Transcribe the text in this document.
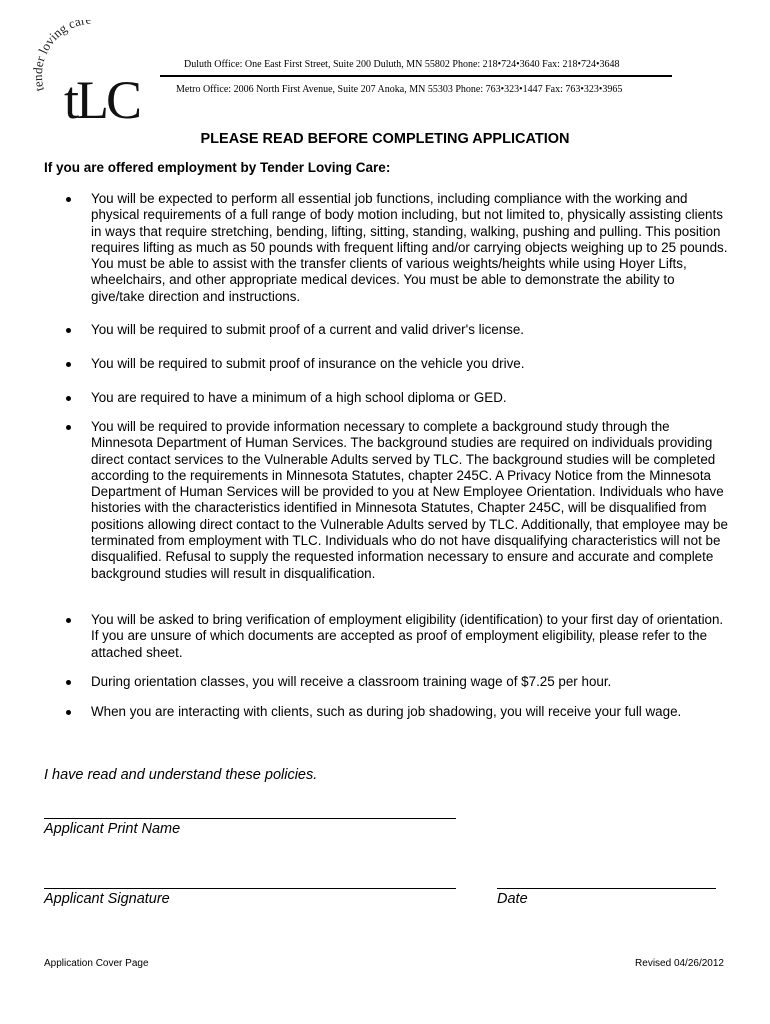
tender loving car
tLC
Duluth Office: One East First Street, Suite 200 Duluth, MN 55802 Phone: 218•724•3640 Fax: 218•724•3648
Metro Office: 2006 North First Avenue, Suite 207 Anoka, MN 55303 Phone: 763•323•1447 Fax: 763•323•3965
PLEASE READ BEFORE COMPLETING APPLICATION
If you are offered employment by Tender Loving Care:
You will be expected to perform all essential job functions, including compliance with the working and physical requirements of a full range of body motion including, but not limited to, physically assisting clients in ways that require stretching, bending, lifting, sitting, standing, walking, pushing and pulling. This position requires lifting as much as 50 pounds with frequent lifting and/or carrying objects weighing up to 25 pounds. You must be able to assist with the transfer clients of various weights/heights while using Hoyer Lifts, wheelchairs, and other appropriate medical devices. You must be able to demonstrate the ability to give/take direction and instructions.
You will be required to submit proof of a current and valid driver's license.
You will be required to submit proof of insurance on the vehicle you drive.
You are required to have a minimum of a high school diploma or GED.
You will be required to provide information necessary to complete a background study through the Minnesota Department of Human Services. The background studies are required on individuals providing direct contact services to the Vulnerable Adults served by TLC. The background studies will be completed according to the requirements in Minnesota Statutes, chapter 245C. A Privacy Notice from the Minnesota Department of Human Services will be provided to you at New Employee Orientation. Individuals who have histories with the characteristics identified in Minnesota Statutes, Chapter 245C, will be disqualified from positions allowing direct contact to the Vulnerable Adults served by TLC. Additionally, that employee may be terminated from employment with TLC. Individuals who do not have disqualifying characteristics will not be disqualified. Refusal to supply the requested information necessary to ensure and accurate and complete background studies will result in disqualification.
You will be asked to bring verification of employment eligibility (identification) to your first day of orientation. If you are unsure of which documents are accepted as proof of employment eligibility, please refer to the attached sheet.
During orientation classes, you will receive a classroom training wage of $7.25 per hour.
When you are interacting with clients, such as during job shadowing, you will receive your full wage.
I have read and understand these policies.
Applicant Print Name
Applicant Signature	Date
Application Cover Page	Revised 04/26/2012
